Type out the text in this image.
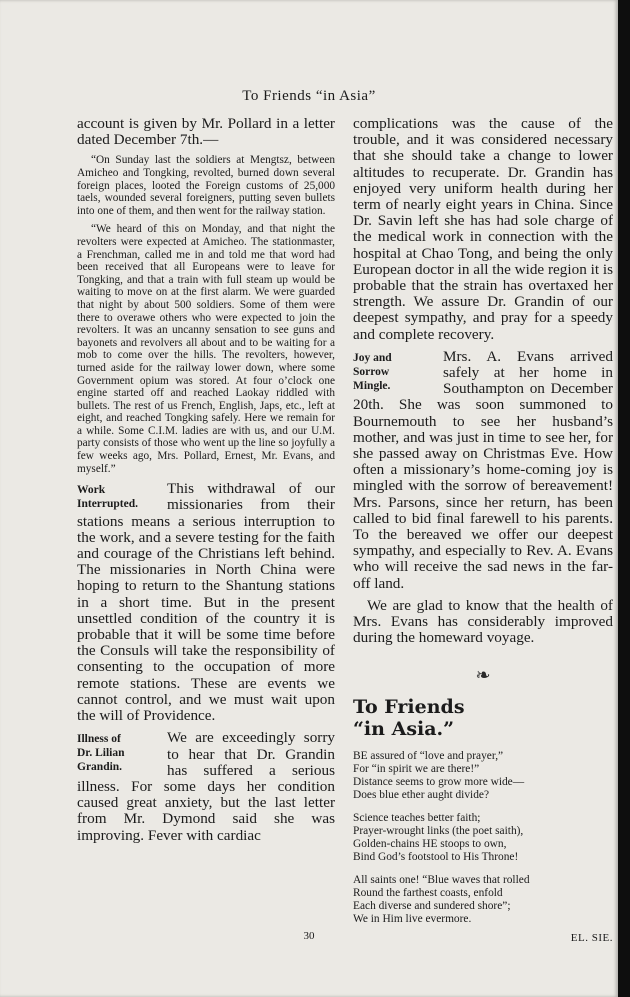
To Friends “in Asia”

account is given by Mr. Pollard in a letter dated December 7th.—

“On Sunday last the soldiers at Mengtsz, between Amicheo and Tongking, revolted, burned down several foreign places, looted the Foreign customs of 25,000 taels, wounded several foreigners, putting seven bullets into one of them, and then went for the railway station.

“We heard of this on Monday, and that night the revolters were expected at Amicheo. The stationmaster, a Frenchman, called me in and told me that word had been received that all Europeans were to leave for Tongking, and that a train with full steam up would be waiting to move on at the first alarm. We were guarded that night by about 500 soldiers. Some of them were there to overawe others who were expected to join the revolters. It was an uncanny sensation to see guns and bayonets and revolvers all about and to be waiting for a mob to come over the hills. The revolters, however, turned aside for the railway lower down, where some Government opium was stored. At four o’clock one engine started off and reached Laokay riddled with bullets. The rest of us French, English, Japs, etc., left at eight, and reached Tongking safely. Here we remain for a while. Some C.I.M. ladies are with us, and our U.M. party consists of those who went up the line so joyfully a few weeks ago, Mrs. Pollard, Ernest, Mr. Evans, and myself.”

Work
Interrupted.

This withdrawal of our missionaries from their stations means a serious interruption to the work, and a severe testing for the faith and courage of the Christians left behind. The missionaries in North China were hoping to return to the Shantung stations in a short time. But in the present unsettled condition of the country it is probable that it will be some time before the Consuls will take the responsibility of consenting to the occupation of more remote stations. These are events we cannot control, and we must wait upon the will of Providence.

Illness of
Dr. Lilian
Grandin.

We are exceedingly sorry to hear that Dr. Grandin has suffered a serious illness. For some days her condition caused great anxiety, but the last letter from Mr. Dymond said she was improving. Fever with cardiac

complications was the cause of the trouble, and it was considered necessary that she should take a change to lower altitudes to recuperate. Dr. Grandin has enjoyed very uniform health during her term of nearly eight years in China. Since Dr. Savin left she has had sole charge of the medical work in connection with the hospital at Chao Tong, and being the only European doctor in all the wide region it is probable that the strain has overtaxed her strength. We assure Dr. Grandin of our deepest sympathy, and pray for a speedy and complete recovery.

Joy and
Sorrow
Mingle.

Mrs. A. Evans arrived safely at her home in Southampton on December 20th. She was soon summoned to Bournemouth to see her husband’s mother, and was just in time to see her, for she passed away on Christmas Eve. How often a missionary’s home-coming joy is mingled with the sorrow of bereavement! Mrs. Parsons, since her return, has been called to bid final farewell to his parents. To the bereaved we offer our deepest sympathy, and especially to Rev. A. Evans who will receive the sad news in the far-off land.

We are glad to know that the health of Mrs. Evans has considerably improved during the homeward voyage.

❧
To Friends
“in Asia.”
BE assured of “love and prayer,”
For “in spirit we are there!”
Distance seems to grow more wide—
Does blue ether aught divide?
Science teaches better faith;
Prayer-wrought links (the poet saith),
Golden-chains HE stoops to own,
Bind God’s footstool to His Throne!
All saints one! “Blue waves that rolled
Round the farthest coasts, enfold
Each diverse and sundered shore”;
We in Him live evermore.
EL. SIE.
30
